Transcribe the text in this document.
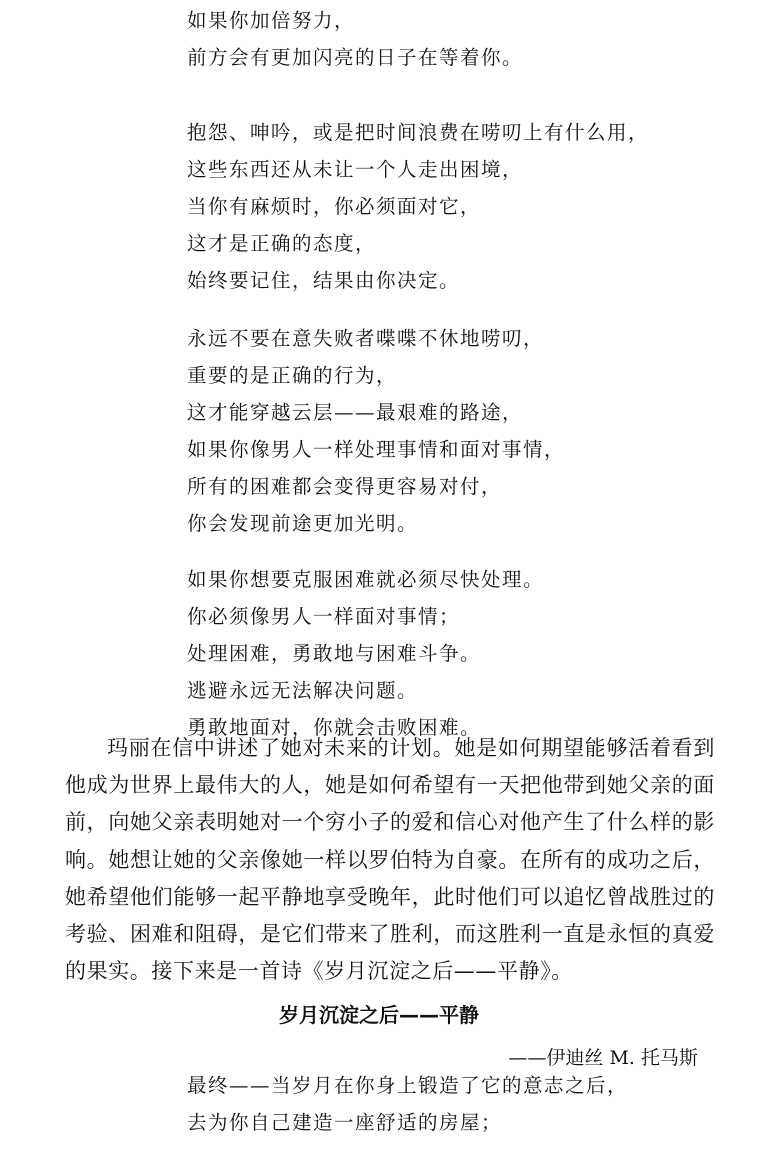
如果你加倍努力，
前方会有更加闪亮的日子在等着你。
抱怨、呻吟，或是把时间浪费在唠叨上有什么用，
这些东西还从未让一个人走出困境，
当你有麻烦时，你必须面对它，
这才是正确的态度，
始终要记住，结果由你决定。
永远不要在意失败者喋喋不休地唠叨，
重要的是正确的行为，
这才能穿越云层——最艰难的路途，
如果你像男人一样处理事情和面对事情，
所有的困难都会变得更容易对付，
你会发现前途更加光明。
如果你想要克服困难就必须尽快处理。
你必须像男人一样面对事情；
处理困难，勇敢地与困难斗争。
逃避永远无法解决问题。
勇敢地面对，你就会击败困难。

玛丽在信中讲述了她对未来的计划。她是如何期望能够活着看到他成为世界上最伟大的人，她是如何希望有一天把他带到她父亲的面前，向她父亲表明她对一个穷小子的爱和信心对他产生了什么样的影响。她想让她的父亲像她一样以罗伯特为自豪。在所有的成功之后，她希望他们能够一起平静地享受晚年，此时他们可以追忆曾战胜过的考验、困难和阻碍，是它们带来了胜利，而这胜利一直是永恒的真爱的果实。接下来是一首诗《岁月沉淀之后——平静》。

岁月沉淀之后——平静
——伊迪丝 M. 托马斯
最终——当岁月在你身上锻造了它的意志之后，
去为你自己建造一座舒适的房屋；
